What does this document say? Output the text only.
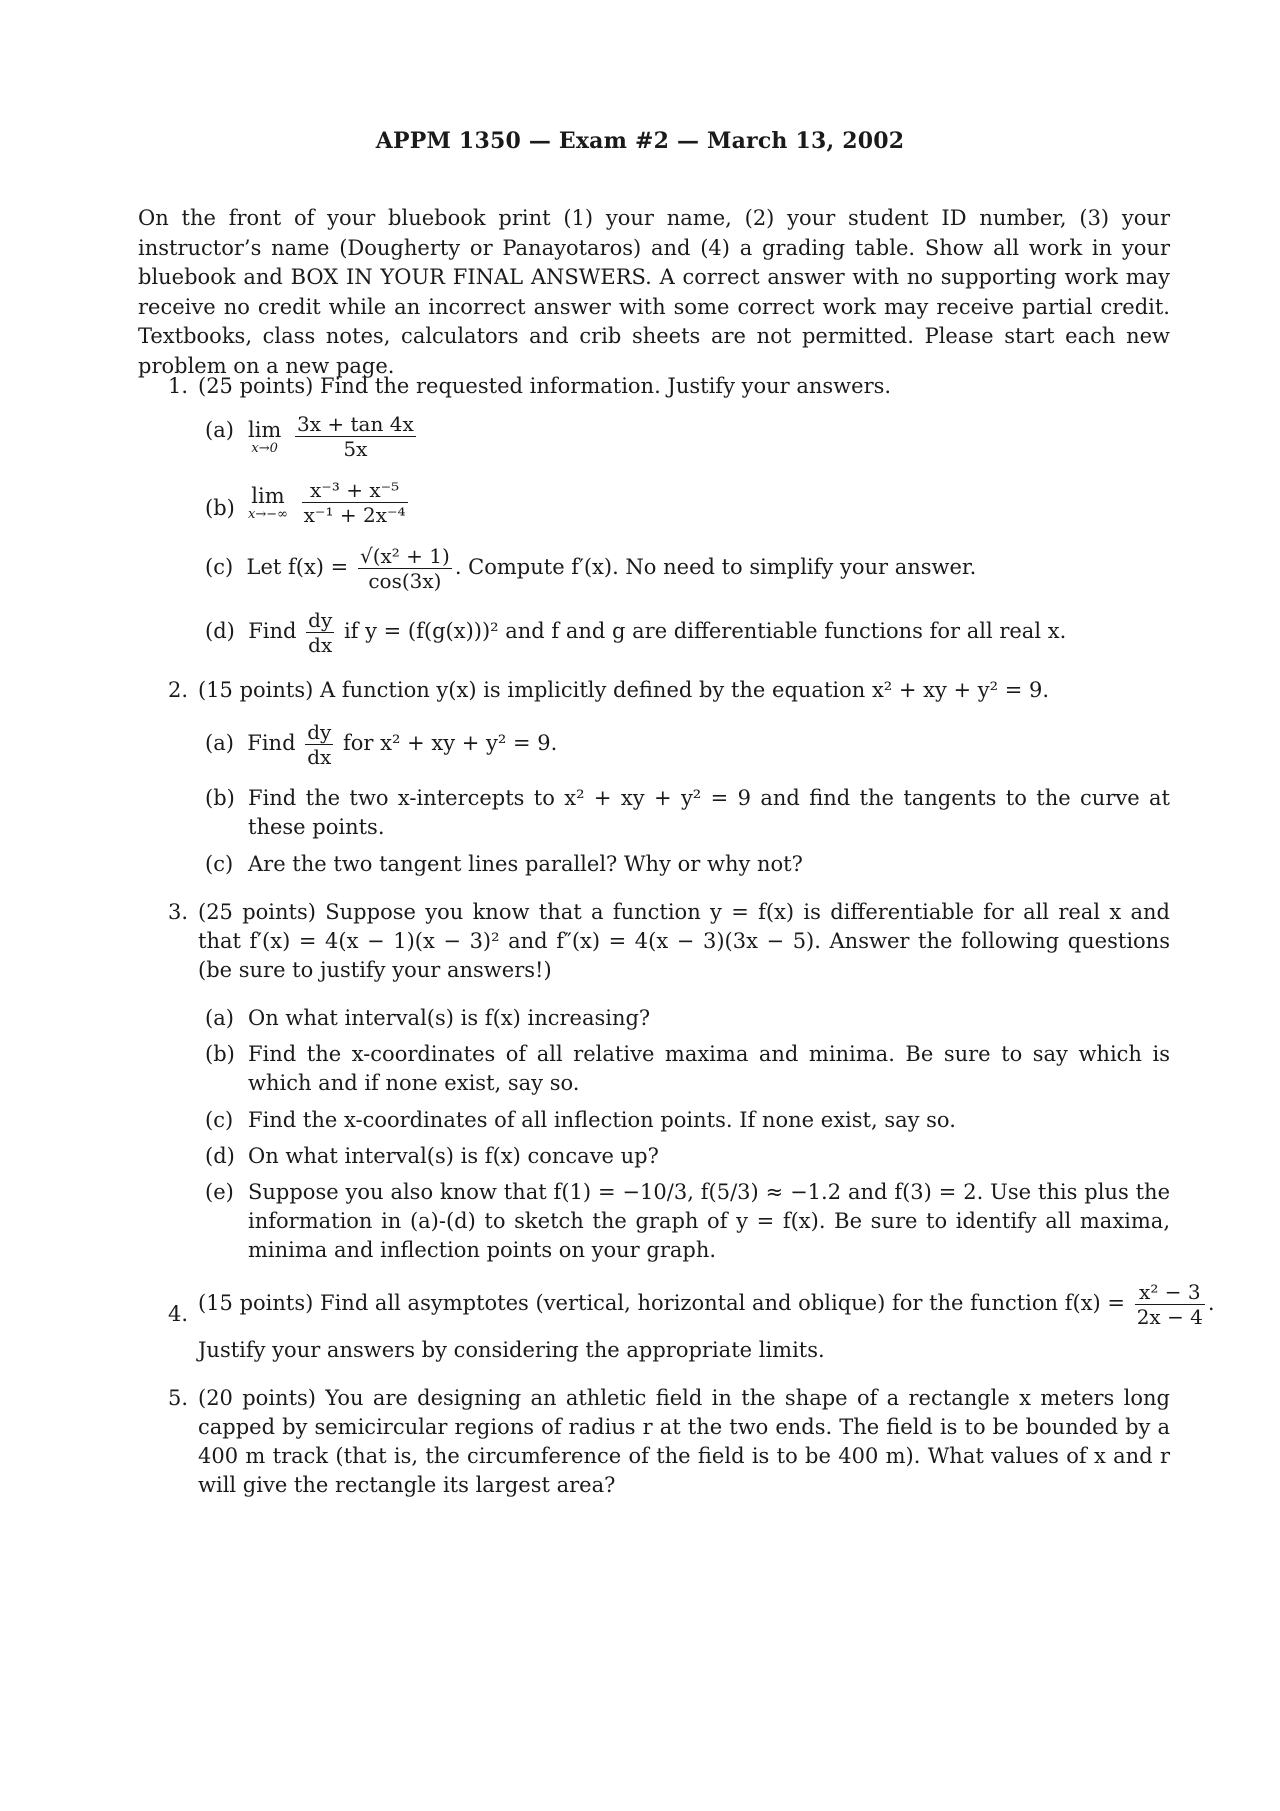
APPM 1350 — Exam #2 — March 13, 2002
On the front of your bluebook print (1) your name, (2) your student ID number, (3) your instructor’s name (Dougherty or Panayotaros) and (4) a grading table. Show all work in your bluebook and BOX IN YOUR FINAL ANSWERS. A correct answer with no supporting work may receive no credit while an incorrect answer with some correct work may receive partial credit. Textbooks, class notes, calculators and crib sheets are not permitted. Please start each new problem on a new page.
1. (25 points) Find the requested information. Justify your answers.
(a) lim
x→0
$\frac{3x + \tan 4x}{5x}$
(b)
lim
x→−∞
$\frac{\text{x⁻³ + x⁻⁵}}{\text{x⁻¹ + 2x⁻⁴}}$
(c) Let $f(x) = \frac{\text{√(x² + 1)}}{\cos(3x)}$ . Compute f′(x). No need to simplify your answer.
(d) Find $\frac{dy}{dx}$ if y = (f(g(x)))² and f and g are differentiable functions for all real x.
2. (15 points) A function y(x) is implicitly defined by the equation x² + xy + y² = 9.
(a) Find $\frac{dy}{dx}$ for x² + xy + y² = 9.
(b) Find the two x-intercepts to x² + xy + y² = 9 and find the tangents to the curve at these points.
(c) Are the two tangent lines parallel? Why or why not?
3. (25 points) Suppose you know that a function y = f(x) is differentiable for all real x and that f′(x) = 4(x − 1)(x − 3)² and f″(x) = 4(x − 3)(3x − 5). Answer the following questions (be sure to justify your answers!)
(a) On what interval(s) is f(x) increasing?
(b) Find the x-coordinates of all relative maxima and minima. Be sure to say which is which and if none exist, say so.
(c) Find the x-coordinates of all inflection points. If none exist, say so.
(d) On what interval(s) is f(x) concave up?
(e) Suppose you also know that f(1) = −10/3, f(5/3) ≈ −1.2 and f(3) = 2. Use this plus the information in (a)-(d) to sketch the graph of y = f(x). Be sure to identify all maxima, minima and inflection points on your graph.
4. (15 points) Find all asymptotes (vertical, horizontal and oblique) for the function $f(x) = \frac{\text{x² − 3}}{2x - 4}$ .
Justify your answers by considering the appropriate limits.
5. (20 points) You are designing an athletic field in the shape of a rectangle x meters long capped by semicircular regions of radius r at the two ends. The field is to be bounded by a 400 m track (that is, the circumference of the field is to be 400 m). What values of x and r will give the rectangle its largest area?
